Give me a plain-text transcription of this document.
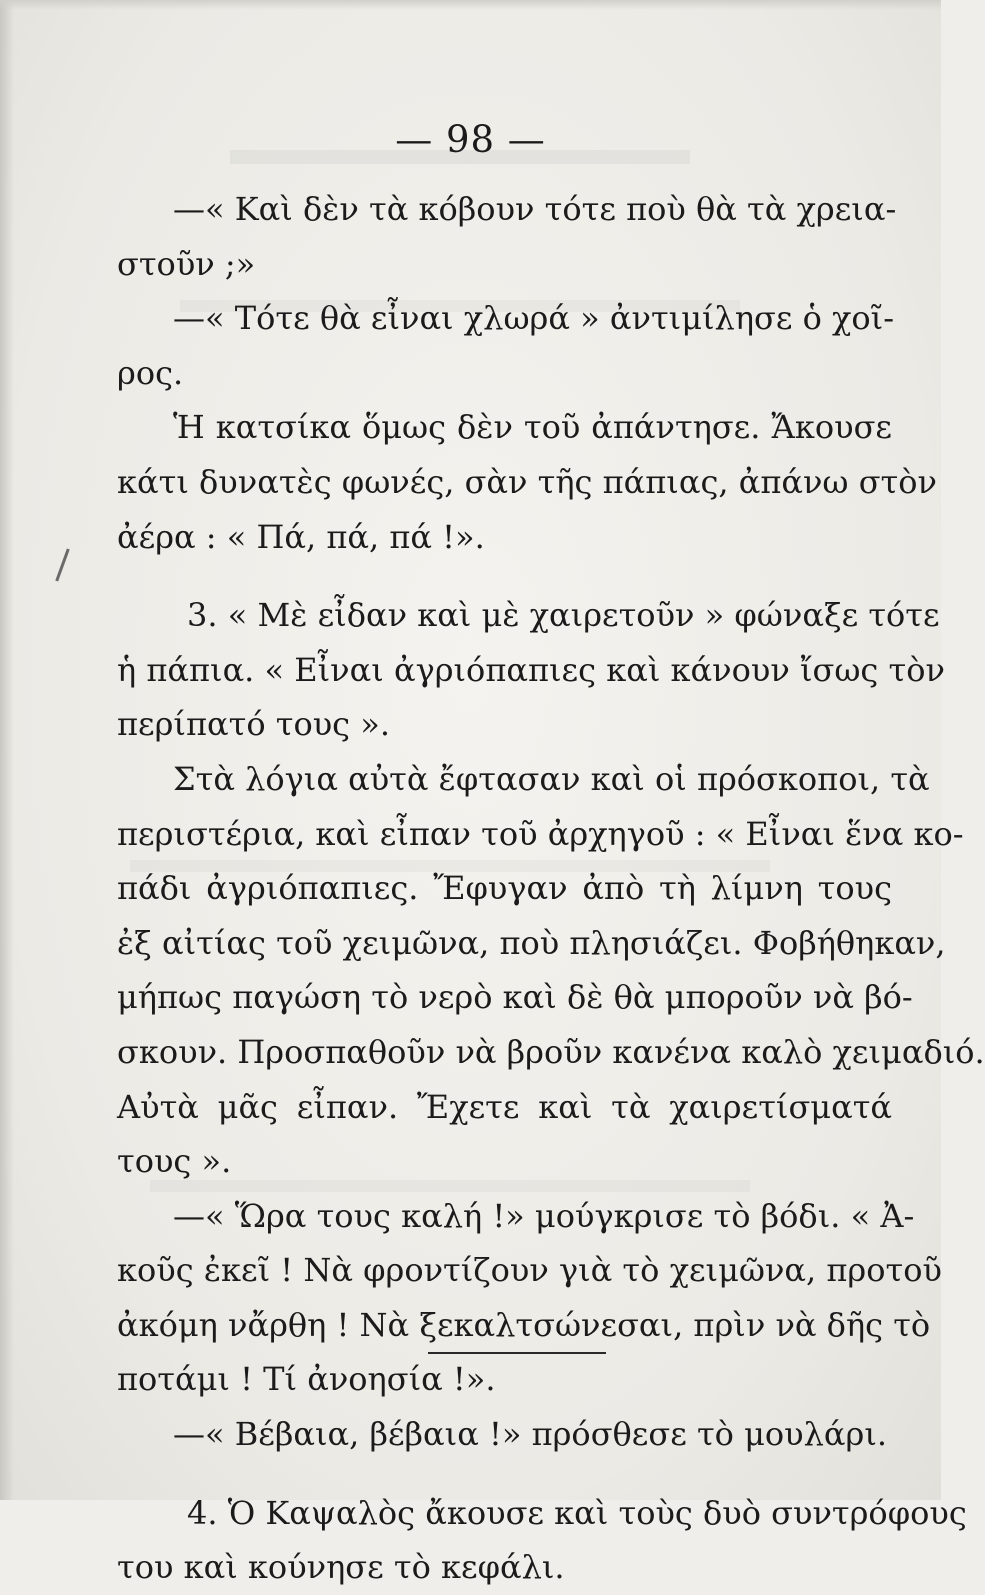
— 98 —
—« Καὶ δὲν τὰ κόβουν τότε ποὺ θὰ τὰ χρεια-
στοῦν ;»
—« Τότε θὰ εἶναι χλωρά » ἀντιμίλησε ὁ χοῖ-
ρος.
Ἡ κατσίκα ὅμως δὲν τοῦ ἀπάντησε. Ἄκουσε
κάτι δυνατὲς φωνές, σὰν τῆς πάπιας, ἀπάνω στὸν
ἀέρα : « Πά, πά, πά !».
3. « Μὲ εἶδαν καὶ μὲ χαιρετοῦν » φώναξε τότε
ἡ πάπια. « Εἶναι ἀγριόπαπιες καὶ κάνουν ἴσως τὸν
περίπατό τους ».
Στὰ λόγια αὐτὰ ἔφτασαν καὶ οἱ πρόσκοποι, τὰ
περιστέρια, καὶ εἶπαν τοῦ ἀρχηγοῦ : « Εἶναι ἕνα κο-
πάδι ἀγριόπαπιες. Ἔφυγαν ἀπὸ τὴ λίμνη τους
ἐξ αἰτίας τοῦ χειμῶνα, ποὺ πλησιάζει. Φοβήθηκαν,
μήπως παγώση τὸ νερὸ καὶ δὲ θὰ μποροῦν νὰ βό-
σκουν. Προσπαθοῦν νὰ βροῦν κανένα καλὸ χειμαδιό.
Αὐτὰ μᾶς εἶπαν. Ἔχετε καὶ τὰ χαιρετίσματά
τους ».
—« Ὥρα τους καλή !» μούγκρισε τὸ βόδι. « Ἀ-
κοῦς ἐκεῖ ! Νὰ φροντίζουν γιὰ τὸ χειμῶνα, προτοῦ
ἀκόμη νἄρθη ! Νὰ ξεκαλτσώνεσαι, πρὶν νὰ δῆς τὸ
ποτάμι ! Τί ἀνοησία !».
—« Βέβαια, βέβαια !» πρόσθεσε τὸ μουλάρι.
4. Ὁ Καψαλὸς ἄκουσε καὶ τοὺς δυὸ συντρόφους
του καὶ κούνησε τὸ κεφάλι.
